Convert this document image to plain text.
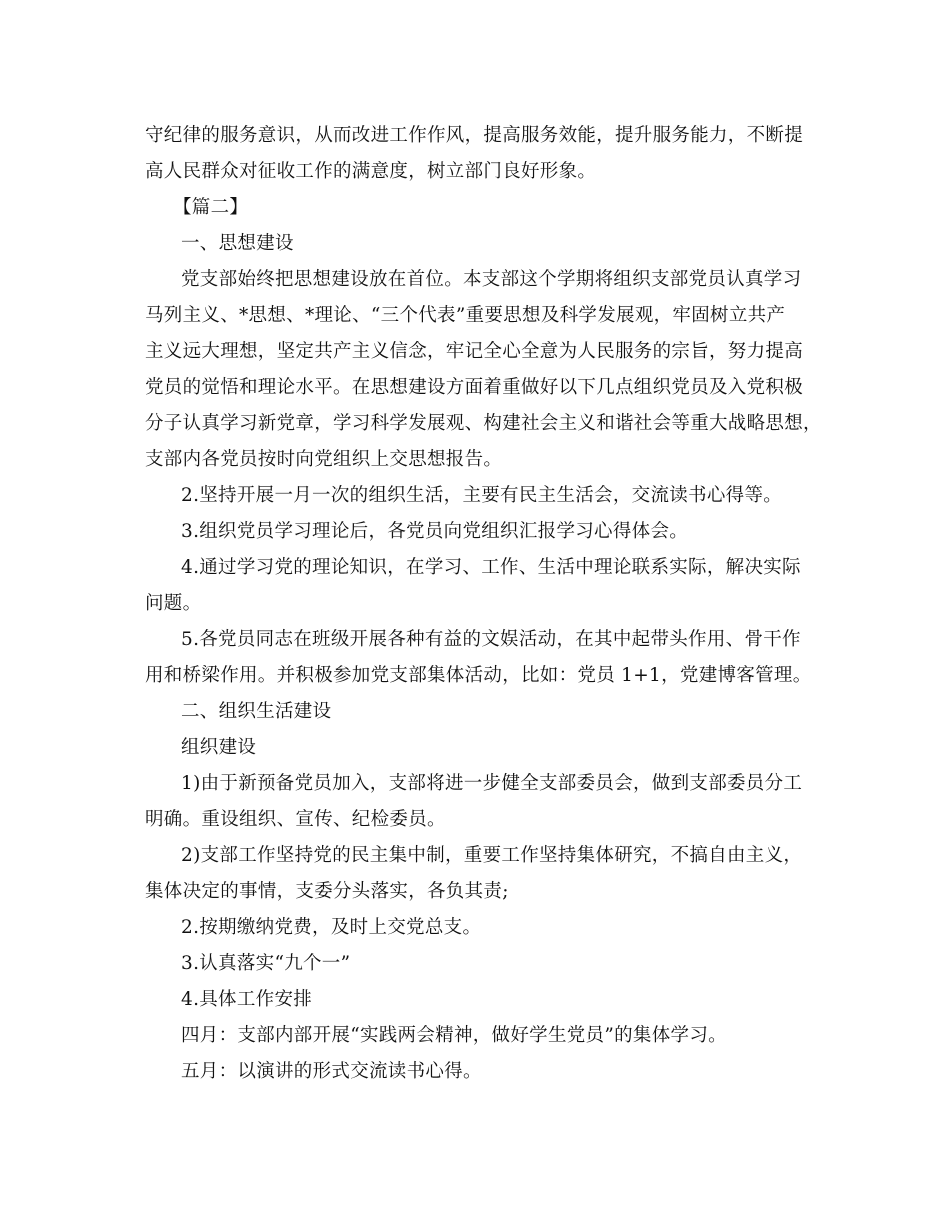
守纪律的服务意识，从而改进工作作风，提高服务效能，提升服务能力，不断提
高人民群众对征收工作的满意度，树立部门良好形象。
【篇二】
一、思想建设
党支部始终把思想建设放在首位。本支部这个学期将组织支部党员认真学习
马列主义、*思想、*理论、“三个代表”重要思想及科学发展观，牢固树立共产
主义远大理想，坚定共产主义信念，牢记全心全意为人民服务的宗旨，努力提高
党员的觉悟和理论水平。在思想建设方面着重做好以下几点组织党员及入党积极
分子认真学习新党章，学习科学发展观、构建社会主义和谐社会等重大战略思想，
支部内各党员按时向党组织上交思想报告。
2.坚持开展一月一次的组织生活，主要有民主生活会，交流读书心得等。
3.组织党员学习理论后，各党员向党组织汇报学习心得体会。
4.通过学习党的理论知识，在学习、工作、生活中理论联系实际，解决实际
问题。
5.各党员同志在班级开展各种有益的文娱活动，在其中起带头作用、骨干作
用和桥梁作用。并积极参加党支部集体活动，比如：党员 1+1，党建博客管理。
二、组织生活建设
组织建设
1)由于新预备党员加入，支部将进一步健全支部委员会，做到支部委员分工
明确。重设组织、宣传、纪检委员。
2)支部工作坚持党的民主集中制，重要工作坚持集体研究，不搞自由主义，
集体决定的事情，支委分头落实，各负其责;
2.按期缴纳党费，及时上交党总支。
3.认真落实“九个一”
4.具体工作安排
四月：支部内部开展“实践两会精神，做好学生党员”的集体学习。
五月：以演讲的形式交流读书心得。
